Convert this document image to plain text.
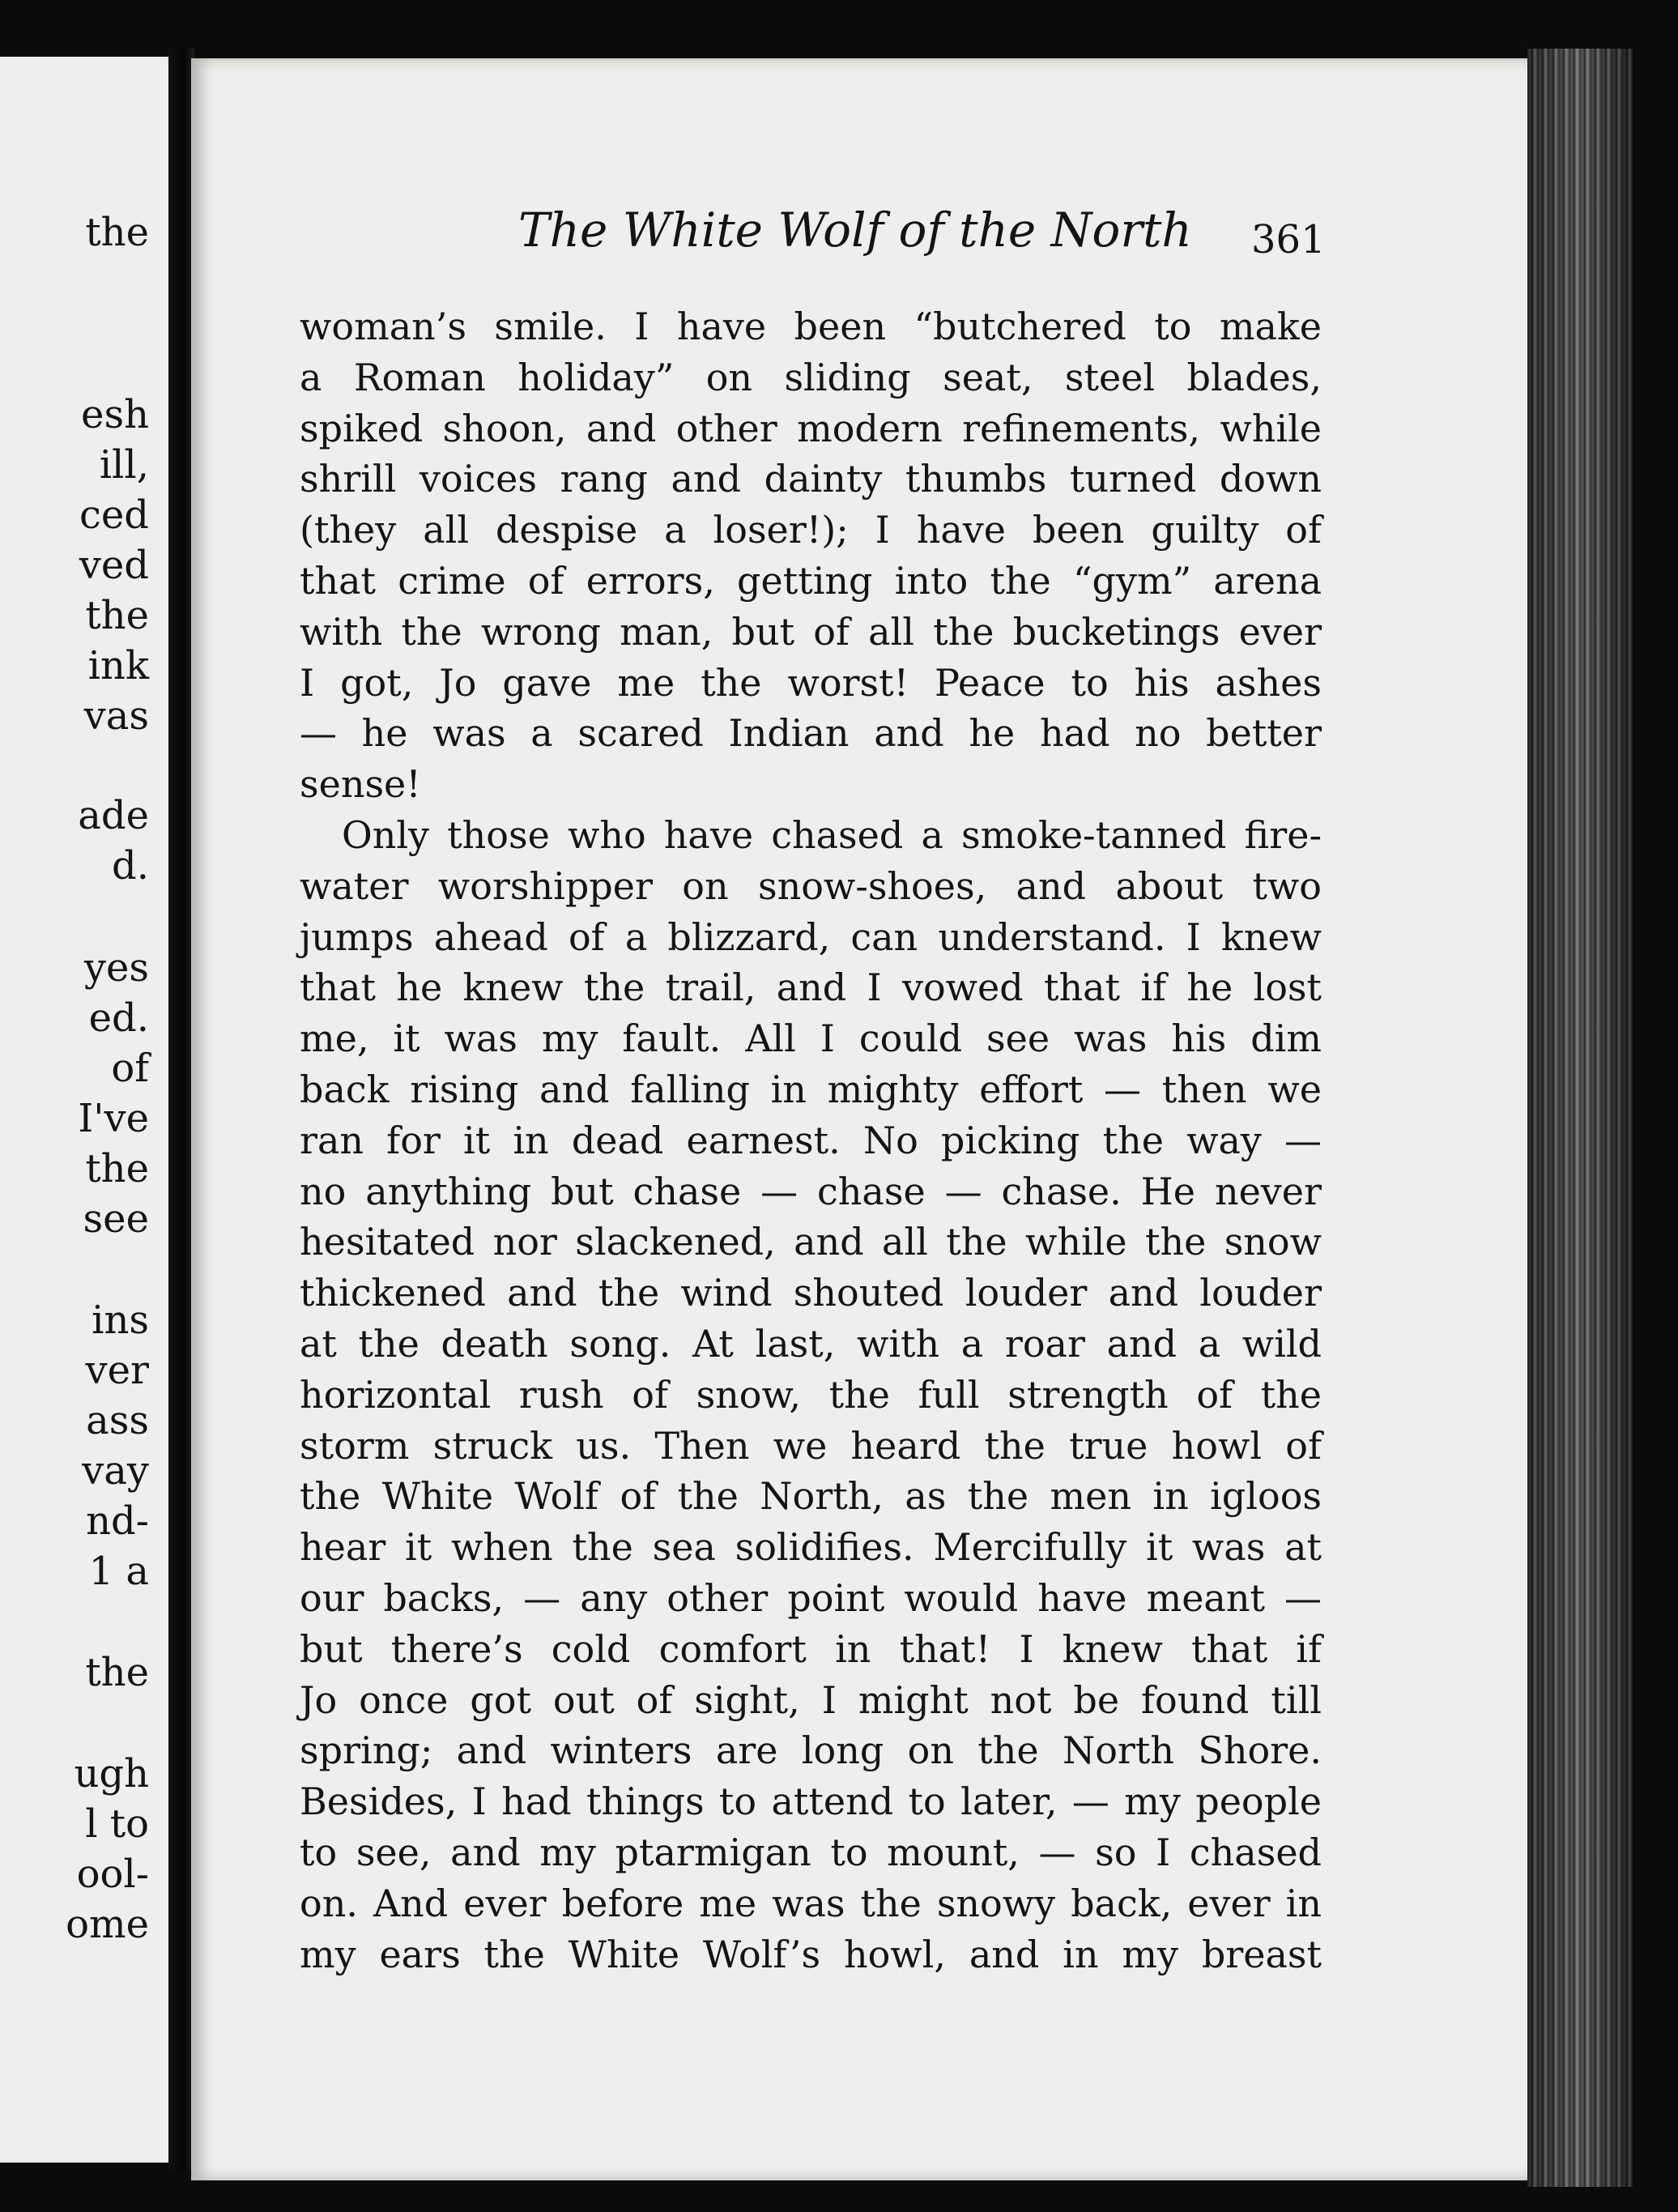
the
esh
ill,
ced
ved
the
ink
vas
ade
d.
yes
ed.
of
I've
the
see
ins
ver
ass
vay
nd-
1 a
the
ugh
l to
ool-
ome
The White Wolf of the North	361
woman’s smile. I have been “butchered to make
a Roman holiday” on sliding seat, steel blades,
spiked shoon, and other modern refinements, while
shrill voices rang and dainty thumbs turned down
(they all despise a loser!); I have been guilty of
that crime of errors, getting into the “gym” arena
with the wrong man, but of all the bucketings ever
I got, Jo gave me the worst! Peace to his ashes
— he was a scared Indian and he had no better
sense!
Only those who have chased a smoke-tanned fire-
water worshipper on snow-shoes, and about two
jumps ahead of a blizzard, can understand. I knew
that he knew the trail, and I vowed that if he lost
me, it was my fault. All I could see was his dim
back rising and falling in mighty effort — then we
ran for it in dead earnest. No picking the way —
no anything but chase — chase — chase. He never
hesitated nor slackened, and all the while the snow
thickened and the wind shouted louder and louder
at the death song. At last, with a roar and a wild
horizontal rush of snow, the full strength of the
storm struck us. Then we heard the true howl of
the White Wolf of the North, as the men in igloos
hear it when the sea solidifies. Mercifully it was at
our backs, — any other point would have meant —
but there’s cold comfort in that! I knew that if
Jo once got out of sight, I might not be found till
spring; and winters are long on the North Shore.
Besides, I had things to attend to later, — my people
to see, and my ptarmigan to mount, — so I chased
on. And ever before me was the snowy back, ever in
my ears the White Wolf’s howl, and in my breast
